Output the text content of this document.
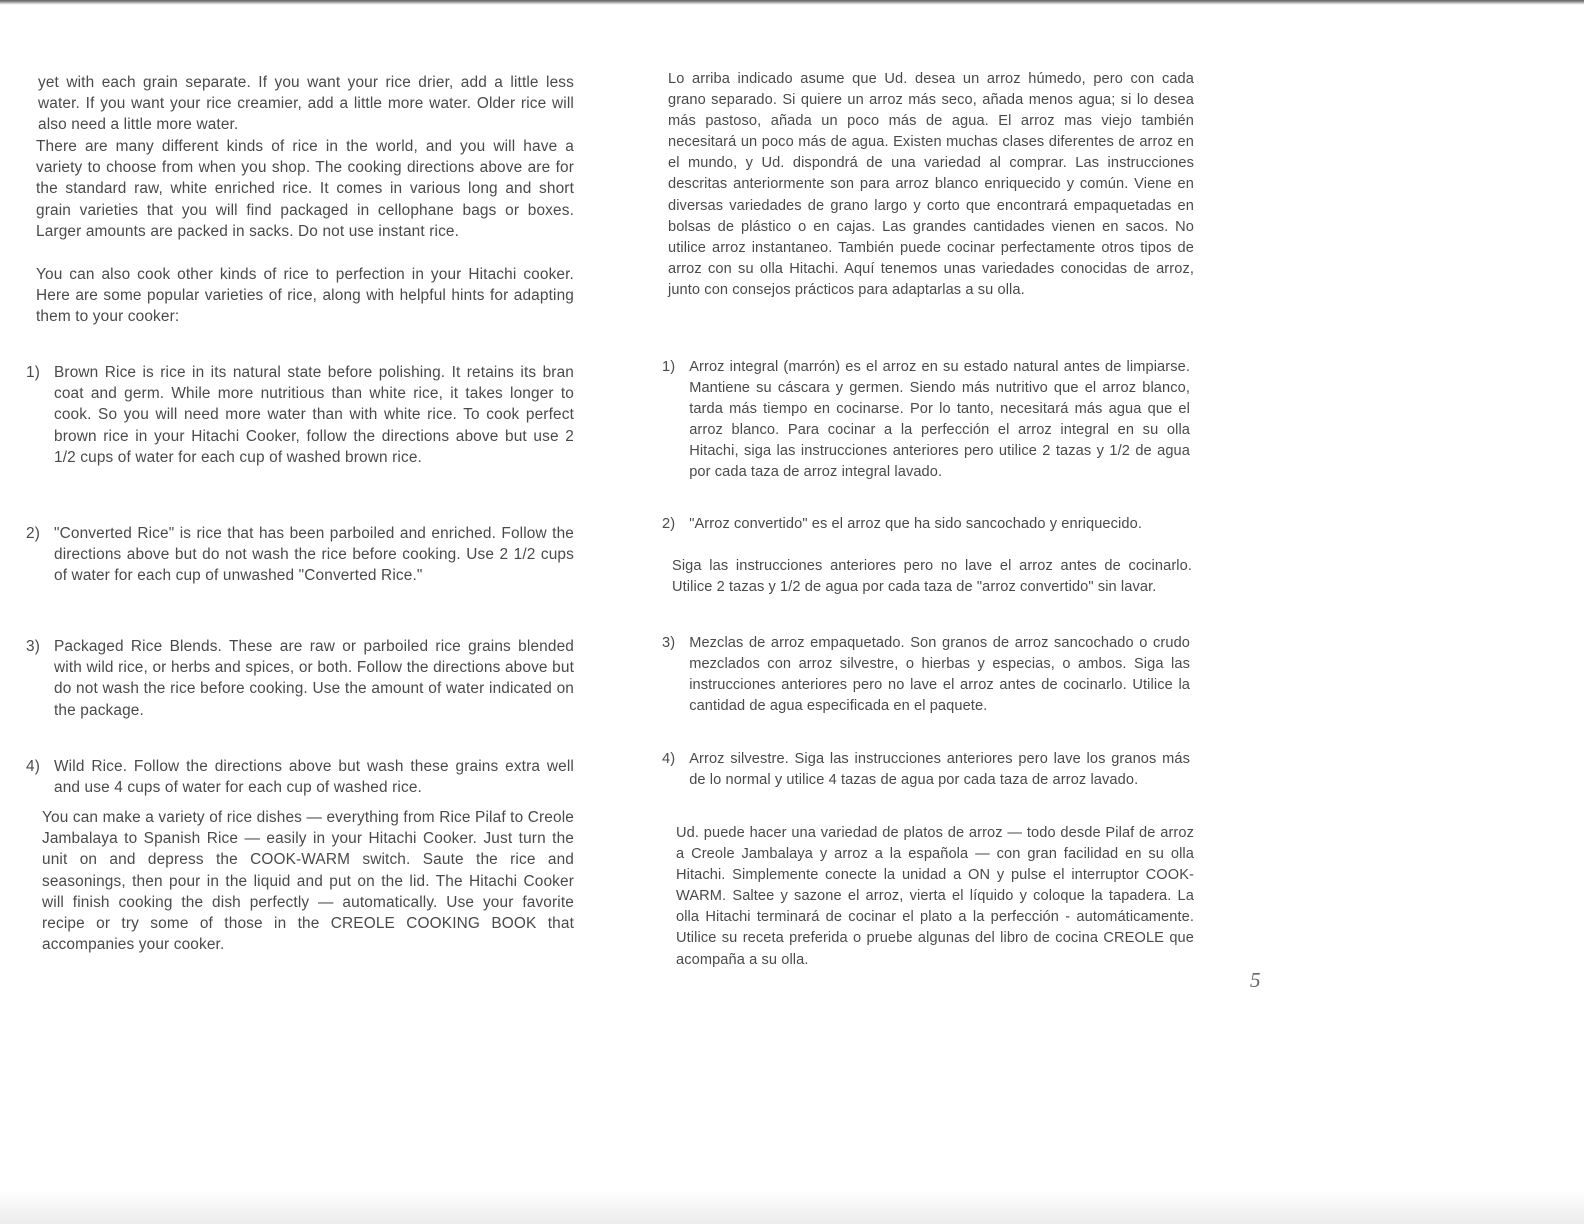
yet with each grain separate. If you want your rice drier, add a little less water. If you want your rice creamier, add a little more water. Older rice will also need a little more water.
There are many different kinds of rice in the world, and you will have a variety to choose from when you shop. The cooking directions above are for the standard raw, white enriched rice. It comes in various long and short grain varieties that you will find packaged in cellophane bags or boxes. Larger amounts are packed in sacks. Do not use instant rice.
You can also cook other kinds of rice to perfection in your Hitachi cooker. Here are some popular varieties of rice, along with helpful hints for adapting them to your cooker:
1) Brown Rice is rice in its natural state before polishing. It retains its bran coat and germ. While more nutritious than white rice, it takes longer to cook. So you will need more water than with white rice. To cook perfect brown rice in your Hitachi Cooker, follow the directions above but use 2 1/2 cups of water for each cup of washed brown rice.
2) "Converted Rice" is rice that has been parboiled and enriched. Follow the directions above but do not wash the rice before cooking. Use 2 1/2 cups of water for each cup of unwashed "Converted Rice."
3) Packaged Rice Blends. These are raw or parboiled rice grains blended with wild rice, or herbs and spices, or both. Follow the directions above but do not wash the rice before cooking. Use the amount of water indicated on the package.
4) Wild Rice. Follow the directions above but wash these grains extra well and use 4 cups of water for each cup of washed rice.
You can make a variety of rice dishes — everything from Rice Pilaf to Creole Jambalaya to Spanish Rice — easily in your Hitachi Cooker. Just turn the unit on and depress the COOK-WARM switch. Saute the rice and seasonings, then pour in the liquid and put on the lid. The Hitachi Cooker will finish cooking the dish perfectly — automatically. Use your favorite recipe or try some of those in the CREOLE COOKING BOOK that accompanies your cooker.
Lo arriba indicado asume que Ud. desea un arroz húmedo, pero con cada grano separado. Si quiere un arroz más seco, añada menos agua; si lo desea más pastoso, añada un poco más de agua. El arroz mas viejo también necesitará un poco más de agua. Existen muchas clases diferentes de arroz en el mundo, y Ud. dispondrá de una variedad al comprar. Las instrucciones descritas anteriormente son para arroz blanco enriquecido y común. Viene en diversas variedades de grano largo y corto que encontrará empaquetadas en bolsas de plástico o en cajas. Las grandes cantidades vienen en sacos. No utilice arroz instantaneo. También puede cocinar perfectamente otros tipos de arroz con su olla Hitachi. Aquí tenemos unas variedades conocidas de arroz, junto con consejos prácticos para adaptarlas a su olla.
1) Arroz integral (marrón) es el arroz en su estado natural antes de limpiarse. Mantiene su cáscara y germen. Siendo más nutritivo que el arroz blanco, tarda más tiempo en cocinarse. Por lo tanto, necesitará más agua que el arroz blanco. Para cocinar a la perfección el arroz integral en su olla Hitachi, siga las instrucciones anteriores pero utilice 2 tazas y 1/2 de agua por cada taza de arroz integral lavado.
2) "Arroz convertido" es el arroz que ha sido sancochado y enriquecido.
Siga las instrucciones anteriores pero no lave el arroz antes de cocinarlo. Utilice 2 tazas y 1/2 de agua por cada taza de "arroz convertido" sin lavar.
3) Mezclas de arroz empaquetado. Son granos de arroz sancochado o crudo mezclados con arroz silvestre, o hierbas y especias, o ambos. Siga las instrucciones anteriores pero no lave el arroz antes de cocinarlo. Utilice la cantidad de agua especificada en el paquete.
4) Arroz silvestre. Siga las instrucciones anteriores pero lave los granos más de lo normal y utilice 4 tazas de agua por cada taza de arroz lavado.
Ud. puede hacer una variedad de platos de arroz — todo desde Pilaf de arroz a Creole Jambalaya y arroz a la española — con gran facilidad en su olla Hitachi. Simplemente conecte la unidad a ON y pulse el interruptor COOK-WARM. Saltee y sazone el arroz, vierta el líquido y coloque la tapadera. La olla Hitachi terminará de cocinar el plato a la perfección - automáticamente. Utilice su receta preferida o pruebe algunas del libro de cocina CREOLE que acompaña a su olla.
5
